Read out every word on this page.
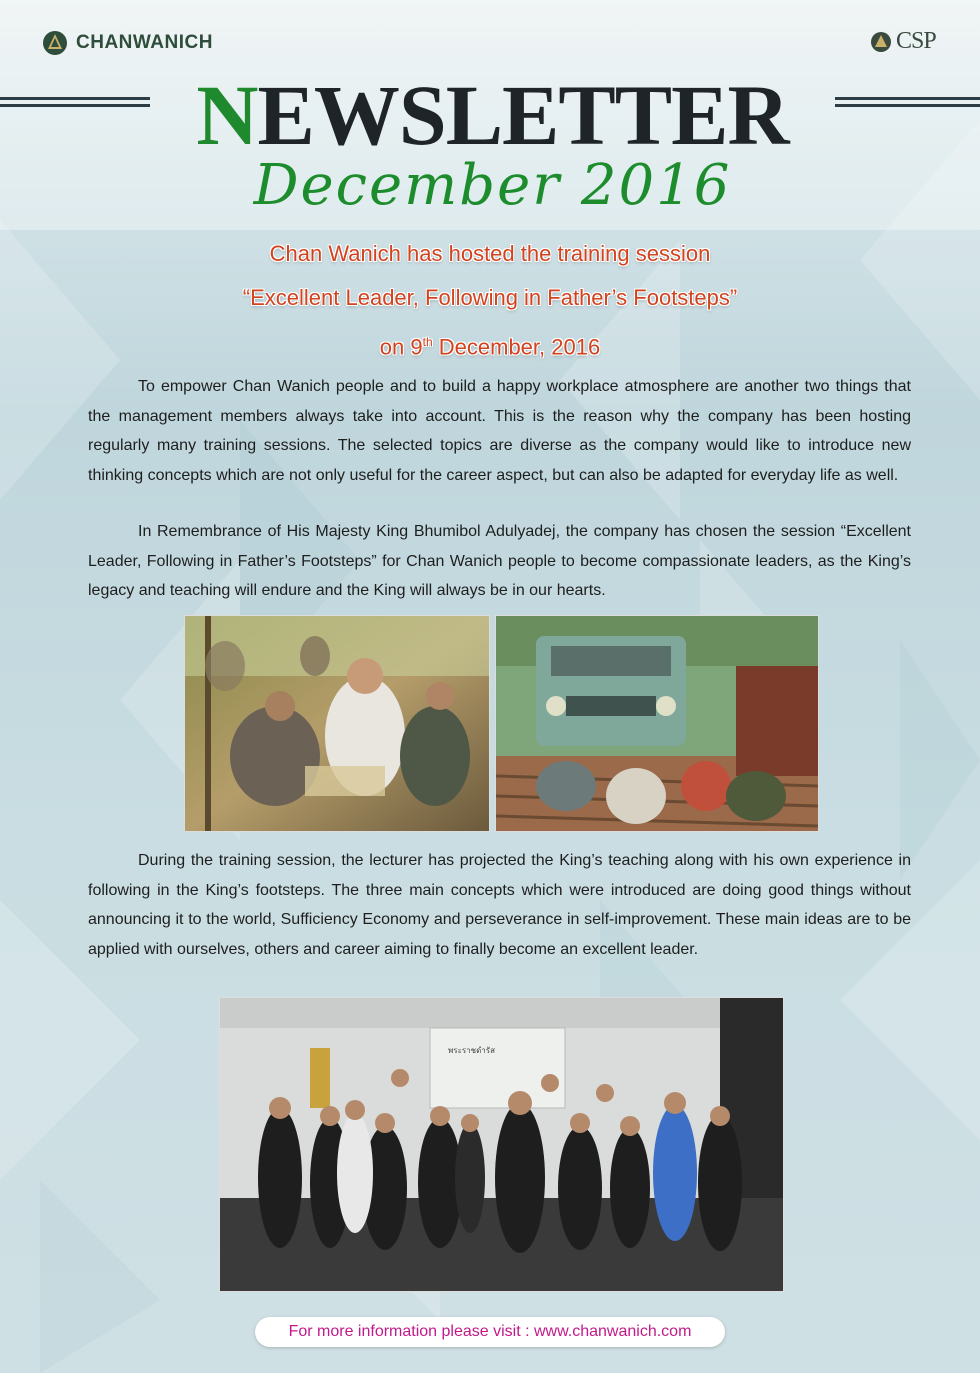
CHANWANICH	CSP
NEWSLETTER
December 2016
Chan Wanich has hosted the training session
“Excellent Leader, Following in Father’s Footsteps”
on 9th December, 2016
To empower Chan Wanich people and to build a happy workplace atmosphere are another two things that the management members always take into account. This is the reason why the company has been hosting regularly many training sessions. The selected topics are diverse as the company would like to introduce new thinking concepts which are not only useful for the career aspect, but can also be adapted for everyday life as well.
In Remembrance of His Majesty King Bhumibol Adulyadej, the company has chosen the session “Excellent Leader, Following in Father’s Footsteps” for Chan Wanich people to become compassionate leaders, as the King’s legacy and teaching will endure and the King will always be in our hearts.
During the training session, the lecturer has projected the King’s teaching along with his own experience in following in the King’s footsteps. The three main concepts which were introduced are doing good things without announcing it to the world, Sufficiency Economy and perseverance in self-improvement. These main ideas are to be applied with ourselves, others and career aiming to finally become an excellent leader.
พระราชดำรัส
For more information please visit : www.chanwanich.com
